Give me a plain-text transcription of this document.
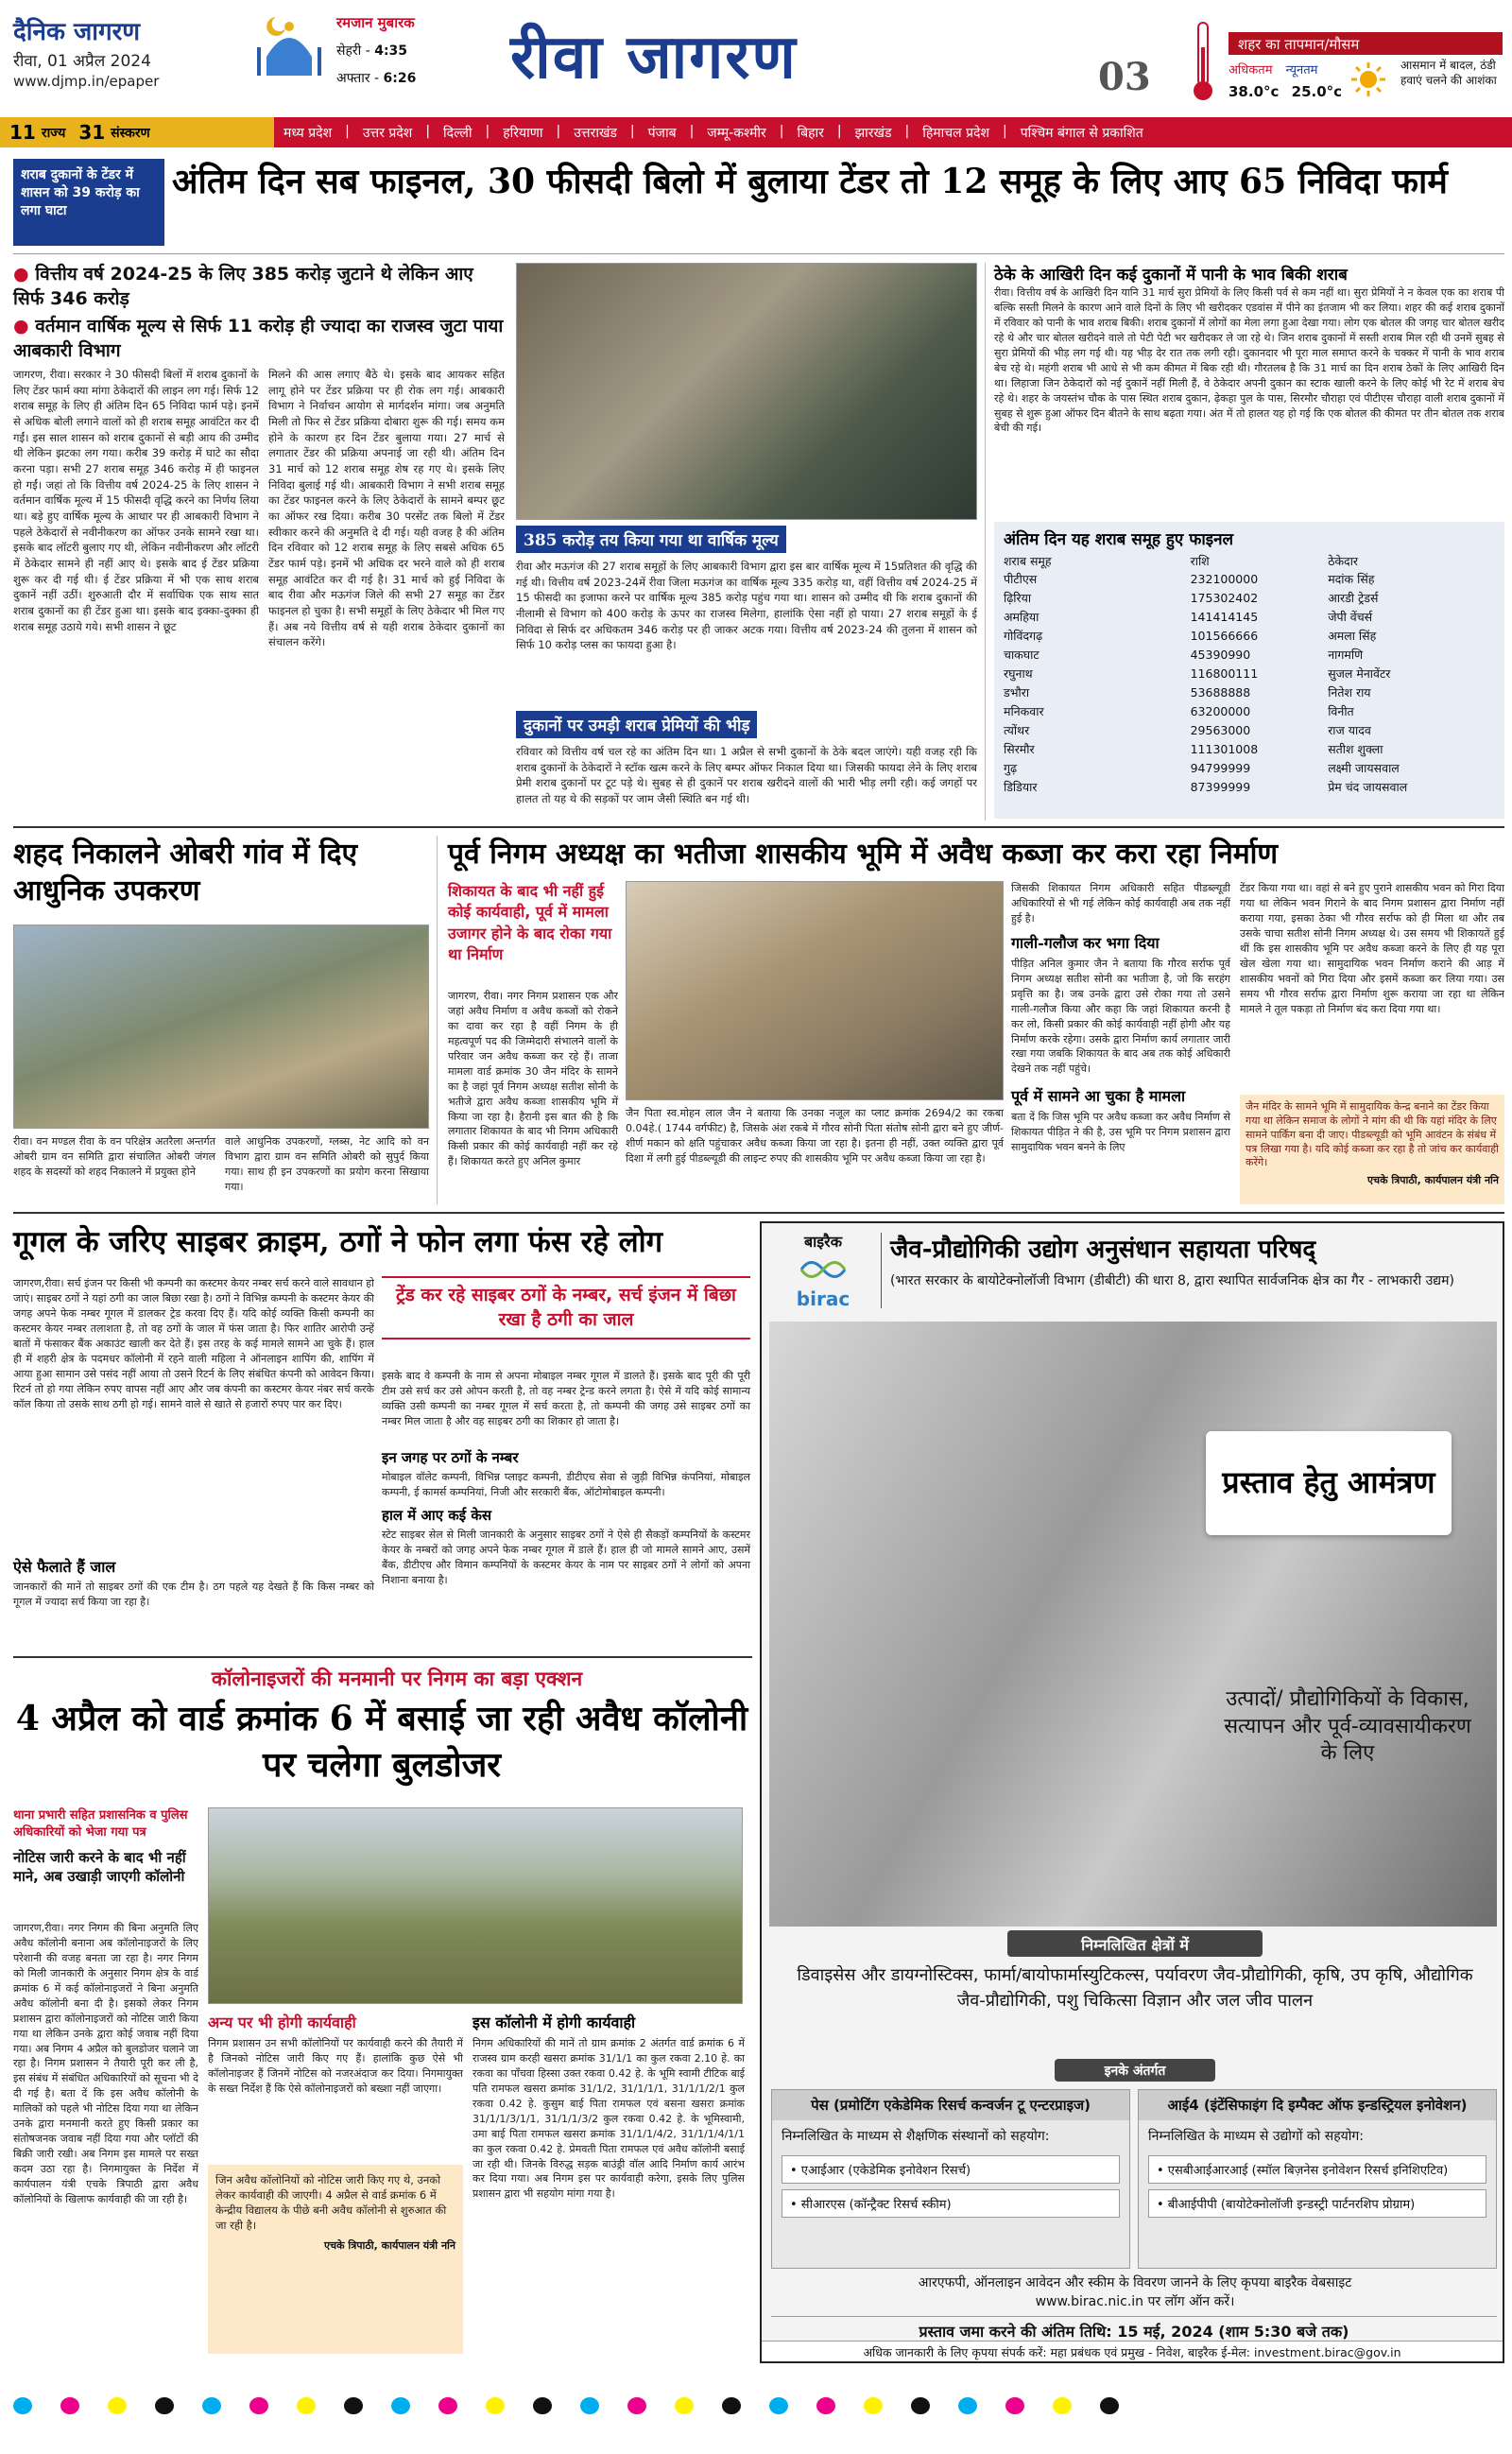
दैनिक जागरण
रीवा, 01 अप्रैल 2024
www.djmp.in/epaper
रमजान मुबारक
सेहरी - 4:35
अफ्तार - 6:26	रीवा जागरण	03
शहर का तापमान/मौसम
अधिकतम न्यूनतम
38.0°c 25.0°c
आसमान में बादल, ठंडी हवाएं चलने की आशंका
11 राज्य 31 संस्करण	मध्य प्रदेश | उत्तर प्रदेश | दिल्ली | हरियाणा | उत्तराखंड | पंजाब | जम्मू-कश्मीर | बिहार | झारखंड | हिमाचल प्रदेश | पश्चिम बंगाल से प्रकाशित
शराब दुकानों के टेंडर में शासन को 39 करोड़ का लगा घाटा
अंतिम दिन सब फाइनल, 30 फीसदी बिलो में बुलाया टेंडर तो 12 समूह के लिए आए 65 निविदा फार्म
● वित्तीय वर्ष 2024-25 के लिए 385 करोड़ जुटाने थे लेकिन आए सिर्फ 346 करोड़
● वर्तमान वार्षिक मूल्य से सिर्फ 11 करोड़ ही ज्यादा का राजस्व जुटा पाया आबकारी विभाग
जागरण, रीवा। सरकार ने 30 फीसदी बिलों में शराब दुकानों के लिए टेंडर फार्म क्या मांगा ठेकेदारों की लाइन लग गई। सिर्फ 12 शराब समूह के लिए ही अंतिम दिन 65 निविदा फार्म पड़े। इनमें से अधिक बोली लगाने वालों को ही शराब समूह आवंटित कर दी गईं। इस साल शासन को शराब दुकानों से बड़ी आय की उम्मीद थी लेकिन झटका लग गया। करीब 39 करोड़ में घाटे का सौदा करना पड़ा। सभी 27 शराब समूह 346 करोड़ में ही फाइनल हो गईं। जहां तो कि वित्तीय वर्ष 2024-25 के लिए शासन ने वर्तमान वार्षिक मूल्य में 15 फीसदी वृद्धि करने का निर्णय लिया था। बड़े हुए वार्षिक मूल्य के आधार पर ही आबकारी विभाग ने पहले ठेकेदारों से नवीनीकरण का ऑफर उनके सामने रखा था। इसके बाद लॉटरी बुलाए गए थी, लेकिन नवीनीकरण और लॉटरी में ठेकेदार सामने ही नहीं आए थे। इसके बाद ई टेंडर प्रक्रिया शुरू कर दी गई थी। ई टेंडर प्रक्रिया में भी एक साथ शराब दुकानें नहीं उठीं। शुरुआती दौर में सर्वाधिक एक साथ सात शराब दुकानों का ही टेंडर हुआ था। इसके बाद इक्का-दुक्का ही शराब समूह उठाये गये। सभी शासन ने छूट
मिलने की आस लगाए बैठे थे। इसके बाद आयकर सहित लागू होने पर टेंडर प्रक्रिया पर ही रोक लग गई। आबकारी विभाग ने निर्वाचन आयोग से मार्गदर्शन मांगा। जब अनुमति मिली तो फिर से टेंडर प्रक्रिया दोबारा शुरू की गई। समय कम होने के कारण हर दिन टेंडर बुलाया गया। 27 मार्च से लगातार टेंडर की प्रक्रिया अपनाई जा रही थी। अंतिम दिन 31 मार्च को 12 शराब समूह शेष रह गए थे। इसके लिए निविदा बुलाई गई थी। आबकारी विभाग ने सभी शराब समूह का टेंडर फाइनल करने के लिए ठेकेदारों के सामने बम्पर छूट का ऑफर रख दिया। करीब 30 परसेंट तक बिलो में टेंडर स्वीकार करने की अनुमति दे दी गई। यही वजह है की अंतिम दिन रविवार को 12 शराब समूह के लिए सबसे अधिक 65 टेंडर फार्म पड़े। इनमें भी अधिक दर भरने वाले को ही शराब समूह आवंटित कर दी गई है। 31 मार्च को हुई निविदा के बाद रीवा और मऊगंज जिले की सभी 27 समूह का टेंडर फाइनल हो चुका है। सभी समूहों के लिए ठेकेदार भी मिल गए हैं। अब नये वित्तीय वर्ष से यही शराब ठेकेदार दुकानों का संचालन करेंगे।
385 करोड़ तय किया गया था वार्षिक मूल्य
रीवा और मऊगंज की 27 शराब समूहों के लिए आबकारी विभाग द्वारा इस बार वार्षिक मूल्य में 15प्रतिशत की वृद्धि की गई थी। वित्तीय वर्ष 2023-24में रीवा जिला मऊगंज का वार्षिक मूल्य 335 करोड़ था, वहीं वित्तीय वर्ष 2024-25 में 15 फीसदी का इजाफा करने पर वार्षिक मूल्य 385 करोड़ पहुंच गया था। शासन को उम्मीद थी कि शराब दुकानों की नीलामी से विभाग को 400 करोड़ के ऊपर का राजस्व मिलेगा, हालांकि ऐसा नहीं हो पाया। 27 शराब समूहों के ई निविदा से सिर्फ दर अधिकतम 346 करोड़ पर ही जाकर अटक गया। वित्तीय वर्ष 2023-24 की तुलना में शासन को सिर्फ 10 करोड़ प्लस का फायदा हुआ है।
दुकानों पर उमड़ी शराब प्रेमियों की भीड़
रविवार को वित्तीय वर्ष चल रहे का अंतिम दिन था। 1 अप्रैल से सभी दुकानों के ठेके बदल जाएंगे। यही वजह रही कि शराब दुकानों के ठेकेदारों ने स्टॉक खत्म करने के लिए बम्पर ऑफर निकाल दिया था। जिसकी फायदा लेने के लिए शराब प्रेमी शराब दुकानों पर टूट पड़े थे। सुबह से ही दुकानें पर शराब खरीदने वालों की भारी भीड़ लगी रही। कई जगहों पर हालत तो यह थे की सड़कों पर जाम जैसी स्थिति बन गई थी।
ठेके के आखिरी दिन कई दुकानों में पानी के भाव बिकी शराब
रीवा। वित्तीय वर्ष के आखिरी दिन यानि 31 मार्च सुरा प्रेमियों के लिए किसी पर्व से कम नहीं था। सुरा प्रेमियों ने न केवल एक का शराब पी बल्कि सस्ती मिलने के कारण आने वाले दिनों के लिए भी खरीदकर एडवांस में पीने का इंतजाम भी कर लिया। शहर की कई शराब दुकानों में रविवार को पानी के भाव शराब बिकी। शराब दुकानों में लोगों का मेला लगा हुआ देखा गया। लोग एक बोतल की जगह चार बोतल खरीद रहे थे और चार बोतल खरीदने वाले तो पेटी पेटी भर खरीदकर ले जा रहे थे। जिन शराब दुकानों में सस्ती शराब मिल रही थी उनमें सुबह से सुरा प्रेमियों की भीड़ लग गई थी। यह भीड़ देर रात तक लगी रही। दुकानदार भी पूरा माल समाप्त करने के चक्कर में पानी के भाव शराब बेच रहे थे। महंगी शराब भी आधे से भी कम कीमत में बिक रही थी। गौरतलब है कि 31 मार्च का दिन शराब ठेकों के लिए आखिरी दिन था। लिहाजा जिन ठेकेदारों को नई दुकानें नहीं मिली हैं, वे ठेकेदार अपनी दुकान का स्टाक खाली करने के लिए कोई भी रेट में शराब बेच रहे थे। शहर के जयस्तंभ चौक के पास स्थित शराब दुकान, ढ़ेकहा पुल के पास, सिरमौर चौराहा एवं पीटीएस चौराहा वाली शराब दुकानों में सुबह से शुरू हुआ ऑफर दिन बीतने के साथ बढ़ता गया। अंत में तो हालत यह हो गई कि एक बोतल की कीमत पर तीन बोतल तक शराब बेची की गई।
अंतिम दिन यह शराब समूह हुए फाइनल
शराब समूह	राशि	ठेकेदार
पीटीएस	232100000	मदांक सिंह
ढ़िरिया	175302402	आरडी ट्रेडर्स
अमहिया	141414145	जेपी वेंचर्स
गोविंदगढ़	101566666	अमला सिंह
चाकघाट	45390990	नागमणि
रघुनाथ	116800111	सुजल मेनावेंटर
डभौरा	53688888	नितेश राय
मनिकवार	63200000	विनीत
त्योंथर	29563000	राज यादव
सिरमौर	111301008	सतीश शुक्ला
गुढ़	94799999	लक्ष्मी जायसवाल
डिडियार	87399999	प्रेम चंद जायसवाल
शहद निकालने ओबरी गांव में दिए आधुनिक उपकरण
रीवा। वन मण्डल रीवा के वन परिक्षेत्र अतरैला अन्तर्गत ओबरी ग्राम वन समिति द्वारा संचालित ओबरी जंगल शहद के सदस्यों को शहद निकालने में प्रयुक्त होने
वाले आधुनिक उपकरणों, ग्लब्स, नेट आदि को वन विभाग द्वारा ग्राम वन समिति ओबरी को सुपुर्द किया गया। साथ ही इन उपकरणों का प्रयोग करना सिखाया गया।
पूर्व निगम अध्यक्ष का भतीजा शासकीय भूमि में अवैध कब्जा कर करा रहा निर्माण
शिकायत के बाद भी नहीं हुई कोई कार्यवाही, पूर्व में मामला उजागर होने के बाद रोका गया था निर्माण
जागरण, रीवा। नगर निगम प्रशासन एक और जहां अवैध निर्माण व अवैध कब्जों को रोकने का दावा कर रहा है वहीं निगम के ही महत्वपूर्ण पद की जिम्मेदारी संभालने वालों के परिवार जन अवैध कब्जा कर रहे हैं। ताजा मामला वार्ड क्रमांक 30 जैन मंदिर के सामने का है जहां पूर्व निगम अध्यक्ष सतीश सोनी के भतीजे द्वारा अवैध कब्जा शासकीय भूमि में किया जा रहा है। हैरानी इस बात की है कि लगातार शिकायत के बाद भी निगम अधिकारी किसी प्रकार की कोई कार्यवाही नहीं कर रहे हैं। शिकायत करते हुए अनिल कुमार
जैन पिता स्व.मोहन लाल जैन ने बताया कि उनका नजूल का प्लाट क्रमांक 2694/2 का रकबा 0.04हे.( 1744 वर्गफीट) है, जिसके अंश रकबे में गौरव सोनी पिता संतोष सोनी द्वारा बने हुए जीर्ण-शीर्ण मकान को क्षति पहुंचाकर अवैध कब्जा किया जा रहा है। इतना ही नहीं, उक्त व्यक्ति द्वारा पूर्व दिशा में लगी हुई पीडब्ल्यूडी की लाइन्ट रुपए की शासकीय भूमि पर अवैध कब्जा किया जा रहा है।
जिसकी शिकायत निगम अधिकारी सहित पीडब्ल्यूडी अधिकारियों से भी गई लेकिन कोई कार्यवाही अब तक नहीं हुई है।
गाली-गलौज कर भगा दिया
पीड़ित अनिल कुमार जैन ने बताया कि गौरव सर्राफ पूर्व निगम अध्यक्ष सतीश सोनी का भतीजा है, जो कि सरहंग प्रवृत्ति का है। जब उनके द्वारा उसे रोका गया तो उसने गाली-गलौज किया और कहा कि जहां शिकायत करनी है कर लो, किसी प्रकार की कोई कार्यवाही नहीं होगी और यह निर्माण करके रहेगा। उसके द्वारा निर्माण कार्य लगातार जारी रखा गया जबकि शिकायत के बाद अब तक कोई अधिकारी देखने तक नहीं पहुंचे।
पूर्व में सामने आ चुका है मामला
बता दें कि जिस भूमि पर अवैध कब्जा कर अवैध निर्माण से शिकायत पीड़ित ने की है, उस भूमि पर निगम प्रशासन द्वारा सामुदायिक भवन बनने के लिए
टेंडर किया गया था। वहां से बने हुए पुराने शासकीय भवन को गिरा दिया गया था लेकिन भवन गिराने के बाद निगम प्रशासन द्वारा निर्माण नहीं कराया गया, इसका ठेका भी गौरव सर्राफ को ही मिला था और तब उसके चाचा सतीश सोनी निगम अध्यक्ष थे। उस समय भी शिकायतें हुई थीं कि इस शासकीय भूमि पर अवैध कब्जा करने के लिए ही यह पूरा खेल खेला गया था। सामुदायिक भवन निर्माण कराने की आड़ में शासकीय भवनों को गिरा दिया और इसमें कब्जा कर लिया गया। उस समय भी गौरव सर्राफ द्वारा निर्माण शुरू कराया जा रहा था लेकिन मामले ने तूल पकड़ा तो निर्माण बंद करा दिया गया था।
जैन मंदिर के सामने भूमि में सामुदायिक केन्द्र बनाने का टेंडर किया गया था लेकिन समाज के लोगों ने मांग की थी कि यहां मंदिर के लिए सामने पार्किंग बना दी जाए। पीडब्ल्यूडी को भूमि आवंटन के संबंध में पत्र लिखा गया है। यदि कोई कब्जा कर रहा है तो जांच कर कार्यवाही करेंगे।
एचके त्रिपाठी, कार्यपालन यंत्री ननि
गूगल के जरिए साइबर क्राइम, ठगों ने फोन लगा फंस रहे लोग
जागरण,रीवा। सर्च इंजन पर किसी भी कम्पनी का कस्टमर केयर नम्बर सर्च करने वाले सावधान हो जाएं। साइबर ठगों ने यहां ठगी का जाल बिछा रखा है। ठगों ने विभिन्न कम्पनी के कस्टमर केयर की जगह अपने फेक नम्बर गूगल में डालकर ट्रेड करवा दिए हैं। यदि कोई व्यक्ति किसी कम्पनी का कस्टमर केयर नम्बर तलाशता है, तो वह ठगों के जाल में फंस जाता है। फिर शातिर आरोपी उन्हें बातों में फंसाकर बैंक अकाउंट खाली कर देते हैं। इस तरह के कई मामले सामने आ चुके हैं। हाल ही में शहरी क्षेत्र के पदमधर कॉलोनी में रहने वाली महिला ने ऑनलाइन शापिंग की, शापिंग में आया हुआ सामान उसे पसंद नहीं आया तो उसने रिटर्न के लिए संबंधित कंपनी को आवेदन किया। रिटर्न तो हो गया लेकिन रुपए वापस नहीं आए और जब कंपनी का कस्टमर केयर नंबर सर्च करके कॉल किया तो उसके साथ ठगी हो गई। सामने वाले से खाते से हजारों रुपए पार कर दिए।
ऐसे फैलाते हैं जाल
जानकारों की मानें तो साइबर ठगों की एक टीम है। ठग पहले यह देखते हैं कि किस नम्बर को गूगल में ज्यादा सर्च किया जा रहा है।
ट्रेंड कर रहे साइबर ठगों के नम्बर, सर्च इंजन में बिछा रखा है ठगी का जाल
इसके बाद वे कम्पनी के नाम से अपना मोबाइल नम्बर गूगल में डालते हैं। इसके बाद पूरी की पूरी टीम उसे सर्च कर उसे ओपन करती है, तो वह नम्बर ट्रेन्ड करने लगता है। ऐसे में यदि कोई सामान्य व्यक्ति उसी कम्पनी का नम्बर गूगल में सर्च करता है, तो कम्पनी की जगह उसे साइबर ठगों का नम्बर मिल जाता है और वह साइबर ठगी का शिकार हो जाता है।
इन जगह पर ठगों के नम्बर
मोबाइल वॉलेट कम्पनी, विभिन्न प्लाइट कम्पनी, डीटीएच सेवा से जुड़ी विभिन्न कंपनियां, मोबाइल कम्पनी, ई कामर्स कम्पनियां, निजी और सरकारी बैंक, ऑटोमोबाइल कम्पनी।
हाल में आए कई केस
स्टेट साइबर सेल से मिली जानकारी के अनुसार साइबर ठगों ने ऐसे ही सैकड़ों कम्पनियों के कस्टमर केयर के नम्बरों को जगह अपने फेक नम्बर गूगल में डाले हैं। हाल ही जो मामले सामने आए, उसमें बैंक, डीटीएच और विमान कम्पनियों के कस्टमर केयर के नाम पर साइबर ठगों ने लोगों को अपना निशाना बनाया है।
कॉलोनाइजरों की मनमानी पर निगम का बड़ा एक्शन
4 अप्रैल को वार्ड क्रमांक 6 में बसाई जा रही अवैध कॉलोनी पर चलेगा बुलडोजर
थाना प्रभारी सहित प्रशासनिक व पुलिस अधिकारियों को भेजा गया पत्र
नोटिस जारी करने के बाद भी नहीं माने, अब उखाड़ी जाएगी कॉलोनी
जागरण,रीवा। नगर निगम की बिना अनुमति लिए अवैध कॉलोनी बनाना अब कॉलोनाइजरों के लिए परेशानी की वजह बनता जा रहा है। नगर निगम को मिली जानकारी के अनुसार निगम क्षेत्र के वार्ड क्रमांक 6 में कई कॉलोनाइजरों ने बिना अनुमति अवैध कॉलोनी बना दी है। इसको लेकर निगम प्रशासन द्वारा कॉलोनाइजरों को नोटिस जारी किया गया था लेकिन उनके द्वारा कोई जवाब नहीं दिया गया। अब निगम 4 अप्रैल को बुलडोजर चलाने जा रहा है। निगम प्रशासन ने तैयारी पूरी कर ली है, इस संबंध में संबंधित अधिकारियों को सूचना भी दे दी गई है। बता दें कि इस अवैध कॉलोनी के मालिकों को पहले भी नोटिस दिया गया था लेकिन उनके द्वारा मनमानी करते हुए किसी प्रकार का संतोषजनक जवाब नहीं दिया गया और प्लॉटों की बिक्री जारी रखी। अब निगम इस मामले पर सख्त कदम उठा रहा है। निगमायुक्त के निर्देश में कार्यपालन यंत्री एचके त्रिपाठी द्वारा अवैध कॉलोनियों के खिलाफ कार्यवाही की जा रही है।
अन्य पर भी होगी कार्यवाही
निगम प्रशासन उन सभी कॉलोनियों पर कार्यवाही करने की तैयारी में है जिनको नोटिस जारी किए गए हैं। हालांकि कुछ ऐसे भी कॉलोनाइजर हैं जिनमें नोटिस को नजरअंदाज कर दिया। निगमायुक्त के सख्त निर्देश हैं कि ऐसे कॉलोनाइजरों को बख्शा नहीं जाएगा।
जिन अवैध कॉलोनियों को नोटिस जारी किए गए थे, उनको लेकर कार्यवाही की जाएगी। 4 अप्रैल से वार्ड क्रमांक 6 में केन्द्रीय विद्यालय के पीछे बनी अवैध कॉलोनी से शुरुआत की जा रही है।
एचके त्रिपाठी, कार्यपालन यंत्री ननि
इस कॉलोनी में होगी कार्यवाही
निगम अधिकारियों की मानें तो ग्राम क्रमांक 2 अंतर्गत वार्ड क्रमांक 6 में राजस्व ग्राम करही खसरा क्रमांक 31/1/1 का कुल रकवा 2.10 हे. का रकवा का पाँचवा हिस्सा उक्त रकवा 0.42 हे. के भूमि स्वामी टीटिक बाई पति रामफल खसरा क्रमांक 31/1/2, 31/1/1/1, 31/1/1/2/1 कुल रकवा 0.42 हे. कुसुम बाई पिता रामफल एवं बसना खसरा क्रमांक 31/1/1/3/1/1, 31/1/1/3/2 कुल रकवा 0.42 हे. के भूमिस्वामी, उमा बाई पिता रामफल खसरा क्रमांक 31/1/1/4/2, 31/1/1/4/1/1 का कुल रकवा 0.42 हे. प्रेमवती पिता रामफल एवं अवैध कॉलोनी बसाई जा रही थी। जिनके विरुद्ध सड़क बाउंड्री वॉल आदि निर्माण कार्य आरंभ कर दिया गया। अब निगम इस पर कार्यवाही करेगा, इसके लिए पुलिस प्रशासन द्वारा भी सहयोग मांगा गया है।
बाइरैक
birac
जैव-प्रौद्योगिकी उद्योग अनुसंधान सहायता परिषद्
(भारत सरकार के बायोटेक्नोलॉजी विभाग (डीबीटी) की धारा 8, द्वारा स्थापित सार्वजनिक क्षेत्र का गैर - लाभकारी उद्यम)
प्रस्ताव हेतु आमंत्रण
उत्पादों/ प्रौद्योगिकियों के विकास, सत्यापन और पूर्व-व्यावसायीकरण के लिए
निम्नलिखित क्षेत्रों में
डिवाइसेस और डायग्नोस्टिक्स, फार्मा/बायोफार्मास्युटिकल्स, पर्यावरण जैव-प्रौद्योगिकी, कृषि, उप कृषि, औद्योगिक जैव-प्रौद्योगिकी, पशु चिकित्सा विज्ञान और जल जीव पालन
इनके अंतर्गत
पेस (प्रमोटिंग एकेडेमिक रिसर्च कन्वर्जन टू एन्टरप्राइज)
निम्नलिखित के माध्यम से शैक्षणिक संस्थानों को सहयोग:
• एआईआर (एकेडेमिक इनोवेशन रिसर्च)
• सीआरएस (कॉन्ट्रैक्ट रिसर्च स्कीम)
आई4 (इंटेंसिफाइंग दि इम्पैक्ट ऑफ इन्डस्ट्रियल इनोवेशन)
निम्नलिखित के माध्यम से उद्योगों को सहयोग:
• एसबीआईआरआई (स्मॉल बिज़नेस इनोवेशन रिसर्च इनिशिएटिव)
• बीआईपीपी (बायोटेक्नोलॉजी इन्डस्ट्री पार्टनरशिप प्रोग्राम)
आरएफपी, ऑनलाइन आवेदन और स्कीम के विवरण जानने के लिए कृपया बाइरैक वेबसाइट www.birac.nic.in पर लॉग ऑन करें।
प्रस्ताव जमा करने की अंतिम तिथि: 15 मई, 2024 (शाम 5:30 बजे तक)
अधिक जानकारी के लिए कृपया संपर्क करें: महा प्रबंधक एवं प्रमुख - निवेश, बाइरैक ई-मेल: investment.birac@gov.in
